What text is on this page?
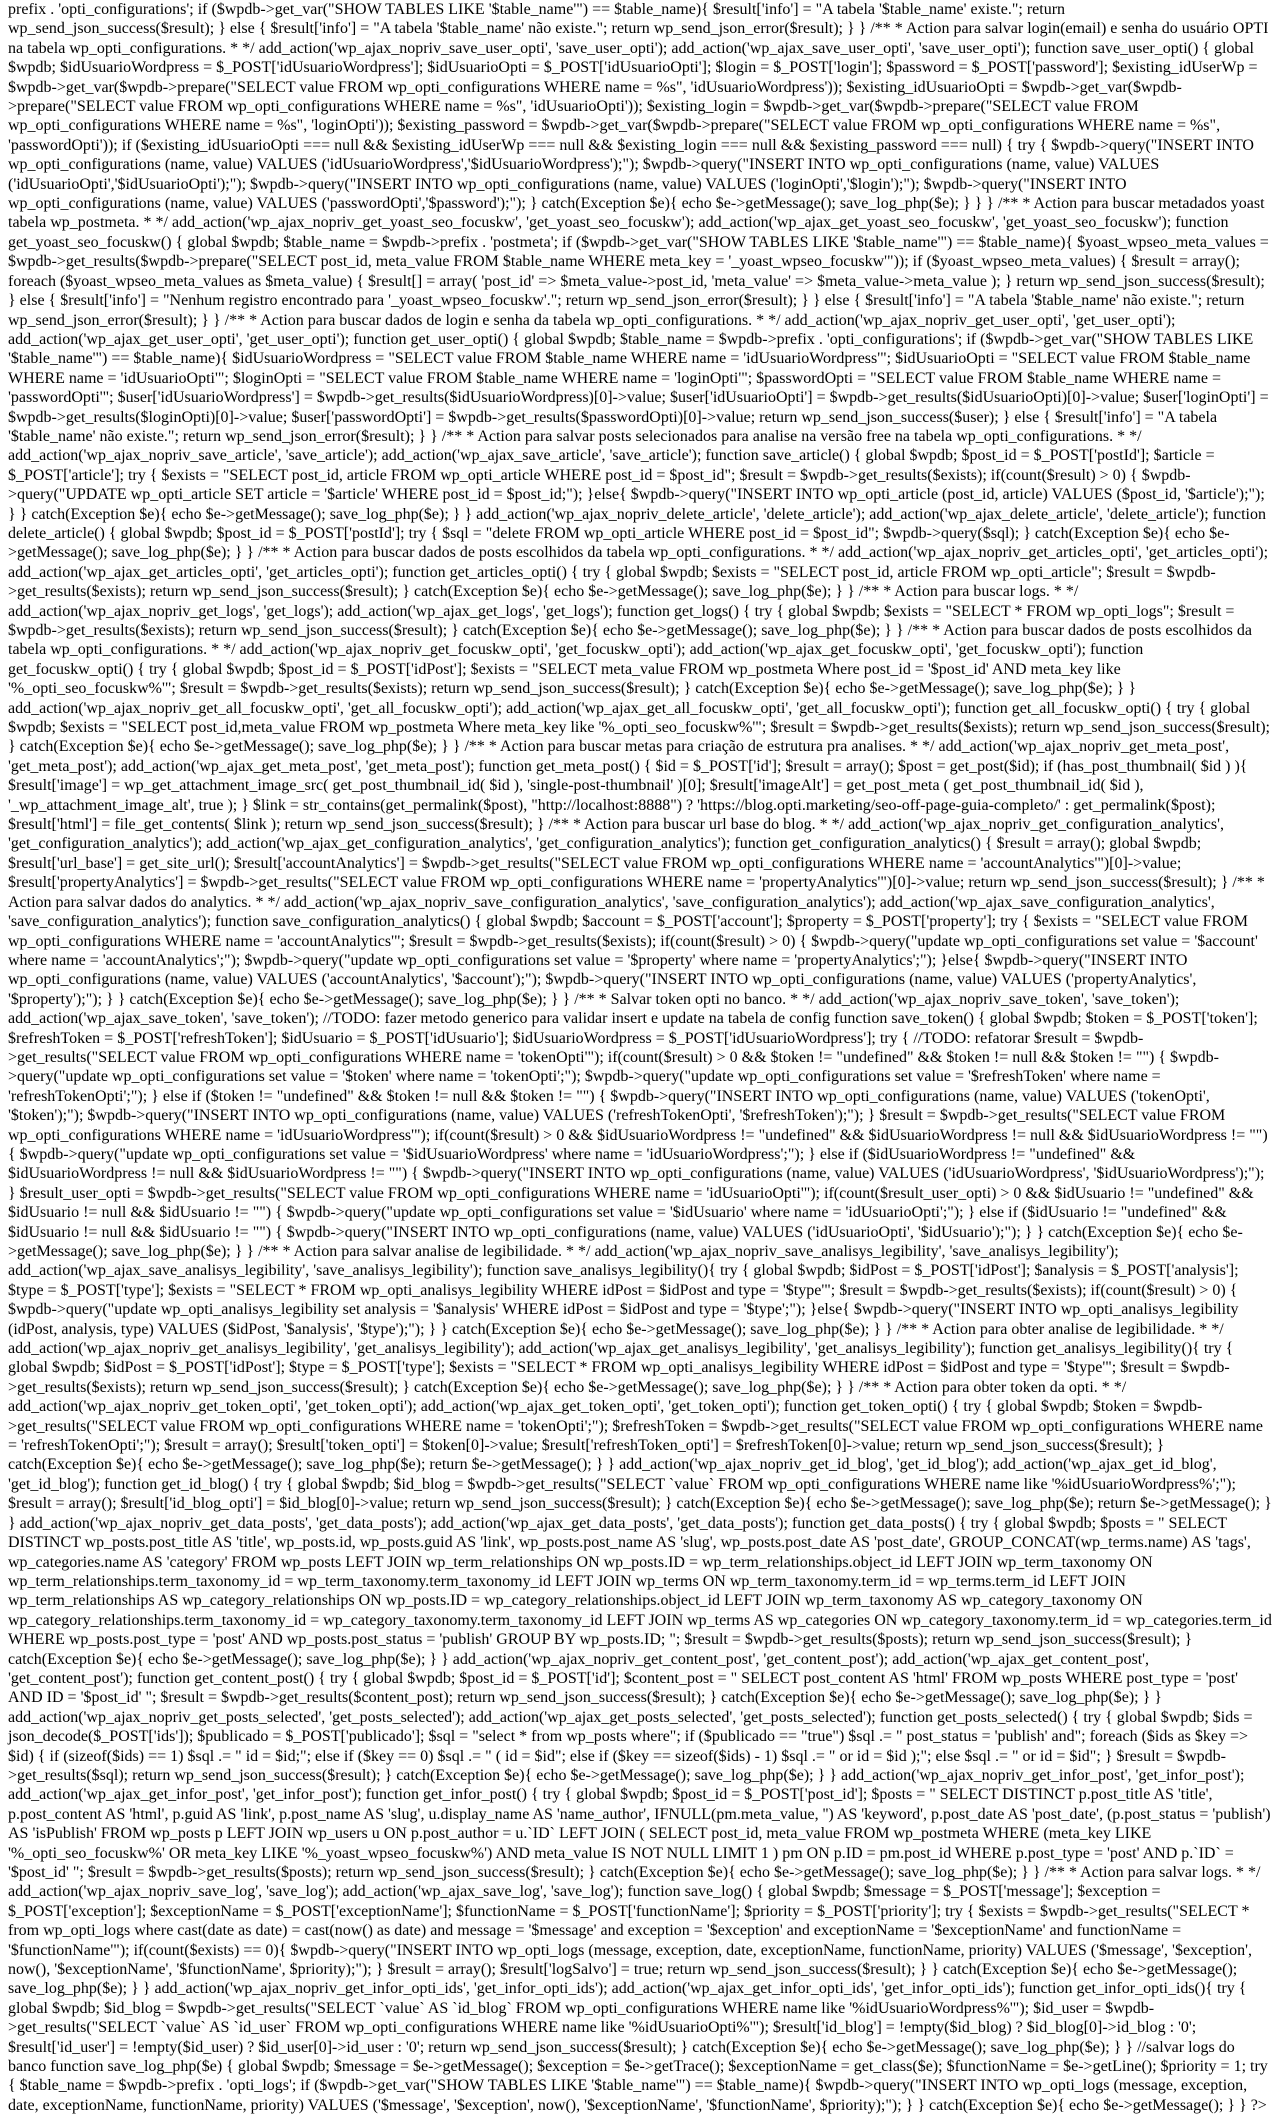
prefix . 'opti_configurations'; if ($wpdb->get_var("SHOW TABLES LIKE '$table_name'") == $table_name){ $result['info'] = "A tabela '$table_name' existe."; return wp_send_json_success($result); } else { $result['info'] = "A tabela '$table_name' não existe."; return wp_send_json_error($result); } } /** * Action para salvar login(email) e senha do usuário OPTI na tabela wp_opti_configurations. * */ add_action('wp_ajax_nopriv_save_user_opti', 'save_user_opti'); add_action('wp_ajax_save_user_opti', 'save_user_opti'); function save_user_opti() { global $wpdb; $idUsuarioWordpress = $_POST['idUsuarioWordpress']; $idUsuarioOpti = $_POST['idUsuarioOpti']; $login = $_POST['login']; $password = $_POST['password']; $existing_idUserWp = $wpdb->get_var($wpdb->prepare("SELECT value FROM wp_opti_configurations WHERE name = %s", 'idUsuarioWordpress')); $existing_idUsuarioOpti = $wpdb->get_var($wpdb->prepare("SELECT value FROM wp_opti_configurations WHERE name = %s", 'idUsuarioOpti')); $existing_login = $wpdb->get_var($wpdb->prepare("SELECT value FROM wp_opti_configurations WHERE name = %s", 'loginOpti')); $existing_password = $wpdb->get_var($wpdb->prepare("SELECT value FROM wp_opti_configurations WHERE name = %s", 'passwordOpti')); if ($existing_idUsuarioOpti === null && $existing_idUserWp === null && $existing_login === null && $existing_password === null) { try { $wpdb->query("INSERT INTO wp_opti_configurations (name, value) VALUES ('idUsuarioWordpress','$idUsuarioWordpress');"); $wpdb->query("INSERT INTO wp_opti_configurations (name, value) VALUES ('idUsuarioOpti','$idUsuarioOpti');"); $wpdb->query("INSERT INTO wp_opti_configurations (name, value) VALUES ('loginOpti','$login');"); $wpdb->query("INSERT INTO wp_opti_configurations (name, value) VALUES ('passwordOpti','$password');"); } catch(Exception $e){ echo $e->getMessage(); save_log_php($e); } } } /** * Action para buscar metadados yoast tabela wp_postmeta. * */ add_action('wp_ajax_nopriv_get_yoast_seo_focuskw', 'get_yoast_seo_focuskw'); add_action('wp_ajax_get_yoast_seo_focuskw', 'get_yoast_seo_focuskw'); function get_yoast_seo_focuskw() { global $wpdb; $table_name = $wpdb->prefix . 'postmeta'; if ($wpdb->get_var("SHOW TABLES LIKE '$table_name'") == $table_name){ $yoast_wpseo_meta_values = $wpdb->get_results($wpdb->prepare("SELECT post_id, meta_value FROM $table_name WHERE meta_key = '_yoast_wpseo_focuskw'")); if ($yoast_wpseo_meta_values) { $result = array(); foreach ($yoast_wpseo_meta_values as $meta_value) { $result[] = array( 'post_id' => $meta_value->post_id, 'meta_value' => $meta_value->meta_value ); } return wp_send_json_success($result); } else { $result['info'] = "Nenhum registro encontrado para '_yoast_wpseo_focuskw'."; return wp_send_json_error($result); } } else { $result['info'] = "A tabela '$table_name' não existe."; return wp_send_json_error($result); } } /** * Action para buscar dados de login e senha da tabela wp_opti_configurations. * */ add_action('wp_ajax_nopriv_get_user_opti', 'get_user_opti'); add_action('wp_ajax_get_user_opti', 'get_user_opti'); function get_user_opti() { global $wpdb; $table_name = $wpdb->prefix . 'opti_configurations'; if ($wpdb->get_var("SHOW TABLES LIKE '$table_name'") == $table_name){ $idUsuarioWordpress = "SELECT value FROM $table_name WHERE name = 'idUsuarioWordpress'"; $idUsuarioOpti = "SELECT value FROM $table_name WHERE name = 'idUsuarioOpti'"; $loginOpti = "SELECT value FROM $table_name WHERE name = 'loginOpti'"; $passwordOpti = "SELECT value FROM $table_name WHERE name = 'passwordOpti'"; $user['idUsuarioWordpress'] = $wpdb->get_results($idUsuarioWordpress)[0]->value; $user['idUsuarioOpti'] = $wpdb->get_results($idUsuarioOpti)[0]->value; $user['loginOpti'] = $wpdb->get_results($loginOpti)[0]->value; $user['passwordOpti'] = $wpdb->get_results($passwordOpti)[0]->value; return wp_send_json_success($user); } else { $result['info'] = "A tabela '$table_name' não existe."; return wp_send_json_error($result); } } /** * Action para salvar posts selecionados para analise na versão free na tabela wp_opti_configurations. * */ add_action('wp_ajax_nopriv_save_article', 'save_article'); add_action('wp_ajax_save_article', 'save_article'); function save_article() { global $wpdb; $post_id = $_POST['postId']; $article = $_POST['article']; try { $exists = "SELECT post_id, article FROM wp_opti_article WHERE post_id = $post_id"; $result = $wpdb->get_results($exists); if(count($result) > 0) { $wpdb->query("UPDATE wp_opti_article SET article = '$article' WHERE post_id = $post_id;"); }else{ $wpdb->query("INSERT INTO wp_opti_article (post_id, article) VALUES ($post_id, '$article');"); } } catch(Exception $e){ echo $e->getMessage(); save_log_php($e); } } add_action('wp_ajax_nopriv_delete_article', 'delete_article'); add_action('wp_ajax_delete_article', 'delete_article'); function delete_article() { global $wpdb; $post_id = $_POST['postId']; try { $sql = "delete FROM wp_opti_article WHERE post_id = $post_id"; $wpdb->query($sql); } catch(Exception $e){ echo $e->getMessage(); save_log_php($e); } } /** * Action para buscar dados de posts escolhidos da tabela wp_opti_configurations. * */ add_action('wp_ajax_nopriv_get_articles_opti', 'get_articles_opti'); add_action('wp_ajax_get_articles_opti', 'get_articles_opti'); function get_articles_opti() { try { global $wpdb; $exists = "SELECT post_id, article FROM wp_opti_article"; $result = $wpdb->get_results($exists); return wp_send_json_success($result); } catch(Exception $e){ echo $e->getMessage(); save_log_php($e); } } /** * Action para buscar logs. * */ add_action('wp_ajax_nopriv_get_logs', 'get_logs'); add_action('wp_ajax_get_logs', 'get_logs'); function get_logs() { try { global $wpdb; $exists = "SELECT * FROM wp_opti_logs"; $result = $wpdb->get_results($exists); return wp_send_json_success($result); } catch(Exception $e){ echo $e->getMessage(); save_log_php($e); } } /** * Action para buscar dados de posts escolhidos da tabela wp_opti_configurations. * */ add_action('wp_ajax_nopriv_get_focuskw_opti', 'get_focuskw_opti'); add_action('wp_ajax_get_focuskw_opti', 'get_focuskw_opti'); function get_focuskw_opti() { try { global $wpdb; $post_id = $_POST['idPost']; $exists = "SELECT meta_value FROM wp_postmeta Where post_id = '$post_id' AND meta_key like '%_opti_seo_focuskw%'"; $result = $wpdb->get_results($exists); return wp_send_json_success($result); } catch(Exception $e){ echo $e->getMessage(); save_log_php($e); } } add_action('wp_ajax_nopriv_get_all_focuskw_opti', 'get_all_focuskw_opti'); add_action('wp_ajax_get_all_focuskw_opti', 'get_all_focuskw_opti'); function get_all_focuskw_opti() { try { global $wpdb; $exists = "SELECT post_id,meta_value FROM wp_postmeta Where meta_key like '%_opti_seo_focuskw%'"; $result = $wpdb->get_results($exists); return wp_send_json_success($result); } catch(Exception $e){ echo $e->getMessage(); save_log_php($e); } } /** * Action para buscar metas para criação de estrutura pra analises. * */ add_action('wp_ajax_nopriv_get_meta_post', 'get_meta_post'); add_action('wp_ajax_get_meta_post', 'get_meta_post'); function get_meta_post() { $id = $_POST['id']; $result = array(); $post = get_post($id); if (has_post_thumbnail( $id ) ){ $result['image'] = wp_get_attachment_image_src( get_post_thumbnail_id( $id ), 'single-post-thumbnail' )[0]; $result['imageAlt'] = get_post_meta ( get_post_thumbnail_id( $id ), '_wp_attachment_image_alt', true ); } $link = str_contains(get_permalink($post), "http://localhost:8888") ? 'https://blog.opti.marketing/seo-off-page-guia-completo/' : get_permalink($post); $result['html'] = file_get_contents( $link ); return wp_send_json_success($result); } /** * Action para buscar url base do blog. * */ add_action('wp_ajax_nopriv_get_configuration_analytics', 'get_configuration_analytics'); add_action('wp_ajax_get_configuration_analytics', 'get_configuration_analytics'); function get_configuration_analytics() { $result = array(); global $wpdb; $result['url_base'] = get_site_url(); $result['accountAnalytics'] = $wpdb->get_results("SELECT value FROM wp_opti_configurations WHERE name = 'accountAnalytics'")[0]->value; $result['propertyAnalytics'] = $wpdb->get_results("SELECT value FROM wp_opti_configurations WHERE name = 'propertyAnalytics'")[0]->value; return wp_send_json_success($result); } /** * Action para salvar dados do analytics. * */ add_action('wp_ajax_nopriv_save_configuration_analytics', 'save_configuration_analytics'); add_action('wp_ajax_save_configuration_analytics', 'save_configuration_analytics'); function save_configuration_analytics() { global $wpdb; $account = $_POST['account']; $property = $_POST['property']; try { $exists = "SELECT value FROM wp_opti_configurations WHERE name = 'accountAnalytics'"; $result = $wpdb->get_results($exists); if(count($result) > 0) { $wpdb->query("update wp_opti_configurations set value = '$account' where name = 'accountAnalytics';"); $wpdb->query("update wp_opti_configurations set value = '$property' where name = 'propertyAnalytics';"); }else{ $wpdb->query("INSERT INTO wp_opti_configurations (name, value) VALUES ('accountAnalytics', '$account');"); $wpdb->query("INSERT INTO wp_opti_configurations (name, value) VALUES ('propertyAnalytics', '$property');"); } } catch(Exception $e){ echo $e->getMessage(); save_log_php($e); } } /** * Salvar token opti no banco. * */ add_action('wp_ajax_nopriv_save_token', 'save_token'); add_action('wp_ajax_save_token', 'save_token'); //TODO: fazer metodo generico para validar insert e update na tabela de config function save_token() { global $wpdb; $token = $_POST['token']; $refreshToken = $_POST['refreshToken']; $idUsuario = $_POST['idUsuario']; $idUsuarioWordpress = $_POST['idUsuarioWordpress']; try { //TODO: refatorar $result = $wpdb->get_results("SELECT value FROM wp_opti_configurations WHERE name = 'tokenOpti'"); if(count($result) > 0 && $token != "undefined" && $token != null && $token != "") { $wpdb->query("update wp_opti_configurations set value = '$token' where name = 'tokenOpti';"); $wpdb->query("update wp_opti_configurations set value = '$refreshToken' where name = 'refreshTokenOpti';"); } else if ($token != "undefined" && $token != null && $token != "") { $wpdb->query("INSERT INTO wp_opti_configurations (name, value) VALUES ('tokenOpti', '$token');"); $wpdb->query("INSERT INTO wp_opti_configurations (name, value) VALUES ('refreshTokenOpti', '$refreshToken');"); } $result = $wpdb->get_results("SELECT value FROM wp_opti_configurations WHERE name = 'idUsuarioWordpress'"); if(count($result) > 0 && $idUsuarioWordpress != "undefined" && $idUsuarioWordpress != null && $idUsuarioWordpress != "") { $wpdb->query("update wp_opti_configurations set value = '$idUsuarioWordpress' where name = 'idUsuarioWordpress';"); } else if ($idUsuarioWordpress != "undefined" && $idUsuarioWordpress != null && $idUsuarioWordpress != "") { $wpdb->query("INSERT INTO wp_opti_configurations (name, value) VALUES ('idUsuarioWordpress', '$idUsuarioWordpress');"); } $result_user_opti = $wpdb->get_results("SELECT value FROM wp_opti_configurations WHERE name = 'idUsuarioOpti'"); if(count($result_user_opti) > 0 && $idUsuario != "undefined" && $idUsuario != null && $idUsuario != "") { $wpdb->query("update wp_opti_configurations set value = '$idUsuario' where name = 'idUsuarioOpti';"); } else if ($idUsuario != "undefined" && $idUsuario != null && $idUsuario != "") { $wpdb->query("INSERT INTO wp_opti_configurations (name, value) VALUES ('idUsuarioOpti', '$idUsuario');"); } } catch(Exception $e){ echo $e->getMessage(); save_log_php($e); } } /** * Action para salvar analise de legibilidade. * */ add_action('wp_ajax_nopriv_save_analisys_legibility', 'save_analisys_legibility'); add_action('wp_ajax_save_analisys_legibility', 'save_analisys_legibility'); function save_analisys_legibility(){ try { global $wpdb; $idPost = $_POST['idPost']; $analysis = $_POST['analysis']; $type = $_POST['type']; $exists = "SELECT * FROM wp_opti_analisys_legibility WHERE idPost = $idPost and type = '$type'"; $result = $wpdb->get_results($exists); if(count($result) > 0) { $wpdb->query("update wp_opti_analisys_legibility set analysis = '$analysis' WHERE idPost = $idPost and type = '$type';"); }else{ $wpdb->query("INSERT INTO wp_opti_analisys_legibility (idPost, analysis, type) VALUES ($idPost, '$analysis', '$type');"); } } catch(Exception $e){ echo $e->getMessage(); save_log_php($e); } } /** * Action para obter analise de legibilidade. * */ add_action('wp_ajax_nopriv_get_analisys_legibility', 'get_analisys_legibility'); add_action('wp_ajax_get_analisys_legibility', 'get_analisys_legibility'); function get_analisys_legibility(){ try { global $wpdb; $idPost = $_POST['idPost']; $type = $_POST['type']; $exists = "SELECT * FROM wp_opti_analisys_legibility WHERE idPost = $idPost and type = '$type'"; $result = $wpdb->get_results($exists); return wp_send_json_success($result); } catch(Exception $e){ echo $e->getMessage(); save_log_php($e); } } /** * Action para obter token da opti. * */ add_action('wp_ajax_nopriv_get_token_opti', 'get_token_opti'); add_action('wp_ajax_get_token_opti', 'get_token_opti'); function get_token_opti() { try { global $wpdb; $token = $wpdb->get_results("SELECT value FROM wp_opti_configurations WHERE name = 'tokenOpti';"); $refreshToken = $wpdb->get_results("SELECT value FROM wp_opti_configurations WHERE name = 'refreshTokenOpti';"); $result = array(); $result['token_opti'] = $token[0]->value; $result['refreshToken_opti'] = $refreshToken[0]->value; return wp_send_json_success($result); } catch(Exception $e){ echo $e->getMessage(); save_log_php($e); return $e->getMessage(); } } add_action('wp_ajax_nopriv_get_id_blog', 'get_id_blog'); add_action('wp_ajax_get_id_blog', 'get_id_blog'); function get_id_blog() { try { global $wpdb; $id_blog = $wpdb->get_results("SELECT `value` FROM wp_opti_configurations WHERE name like '%idUsuarioWordpress%';"); $result = array(); $result['id_blog_opti'] = $id_blog[0]->value; return wp_send_json_success($result); } catch(Exception $e){ echo $e->getMessage(); save_log_php($e); return $e->getMessage(); } } add_action('wp_ajax_nopriv_get_data_posts', 'get_data_posts'); add_action('wp_ajax_get_data_posts', 'get_data_posts'); function get_data_posts() { try { global $wpdb; $posts = " SELECT DISTINCT wp_posts.post_title AS 'title', wp_posts.id, wp_posts.guid AS 'link', wp_posts.post_name AS 'slug', wp_posts.post_date AS 'post_date', GROUP_CONCAT(wp_terms.name) AS 'tags', wp_categories.name AS 'category' FROM wp_posts LEFT JOIN wp_term_relationships ON wp_posts.ID = wp_term_relationships.object_id LEFT JOIN wp_term_taxonomy ON wp_term_relationships.term_taxonomy_id = wp_term_taxonomy.term_taxonomy_id LEFT JOIN wp_terms ON wp_term_taxonomy.term_id = wp_terms.term_id LEFT JOIN wp_term_relationships AS wp_category_relationships ON wp_posts.ID = wp_category_relationships.object_id LEFT JOIN wp_term_taxonomy AS wp_category_taxonomy ON wp_category_relationships.term_taxonomy_id = wp_category_taxonomy.term_taxonomy_id LEFT JOIN wp_terms AS wp_categories ON wp_category_taxonomy.term_id = wp_categories.term_id WHERE wp_posts.post_type = 'post' AND wp_posts.post_status = 'publish' GROUP BY wp_posts.ID; "; $result = $wpdb->get_results($posts); return wp_send_json_success($result); } catch(Exception $e){ echo $e->getMessage(); save_log_php($e); } } add_action('wp_ajax_nopriv_get_content_post', 'get_content_post'); add_action('wp_ajax_get_content_post', 'get_content_post'); function get_content_post() { try { global $wpdb; $post_id = $_POST['id']; $content_post = " SELECT post_content AS 'html' FROM wp_posts WHERE post_type = 'post' AND ID = '$post_id' "; $result = $wpdb->get_results($content_post); return wp_send_json_success($result); } catch(Exception $e){ echo $e->getMessage(); save_log_php($e); } } add_action('wp_ajax_nopriv_get_posts_selected', 'get_posts_selected'); add_action('wp_ajax_get_posts_selected', 'get_posts_selected'); function get_posts_selected() { try { global $wpdb; $ids = json_decode($_POST['ids']); $publicado = $_POST['publicado']; $sql = "select * from wp_posts where"; if ($publicado == "true") $sql .= " post_status = 'publish' and"; foreach ($ids as $key => $id) { if (sizeof($ids) == 1) $sql .= " id = $id;"; else if ($key == 0) $sql .= " ( id = $id"; else if ($key == sizeof($ids) - 1) $sql .= " or id = $id );"; else $sql .= " or id = $id"; } $result = $wpdb->get_results($sql); return wp_send_json_success($result); } catch(Exception $e){ echo $e->getMessage(); save_log_php($e); } } add_action('wp_ajax_nopriv_get_infor_post', 'get_infor_post'); add_action('wp_ajax_get_infor_post', 'get_infor_post'); function get_infor_post() { try { global $wpdb; $post_id = $_POST['post_id']; $posts = " SELECT DISTINCT p.post_title AS 'title', p.post_content AS 'html', p.guid AS 'link', p.post_name AS 'slug', u.display_name AS 'name_author', IFNULL(pm.meta_value, '') AS 'keyword', p.post_date AS 'post_date', (p.post_status = 'publish') AS 'isPublish' FROM wp_posts p LEFT JOIN wp_users u ON p.post_author = u.`ID` LEFT JOIN ( SELECT post_id, meta_value FROM wp_postmeta WHERE (meta_key LIKE '%_opti_seo_focuskw%' OR meta_key LIKE '%_yoast_wpseo_focuskw%') AND meta_value IS NOT NULL LIMIT 1 ) pm ON p.ID = pm.post_id WHERE p.post_type = 'post' AND p.`ID` = '$post_id' "; $result = $wpdb->get_results($posts); return wp_send_json_success($result); } catch(Exception $e){ echo $e->getMessage(); save_log_php($e); } } /** * Action para salvar logs. * */ add_action('wp_ajax_nopriv_save_log', 'save_log'); add_action('wp_ajax_save_log', 'save_log'); function save_log() { global $wpdb; $message = $_POST['message']; $exception = $_POST['exception']; $exceptionName = $_POST['exceptionName']; $functionName = $_POST['functionName']; $priority = $_POST['priority']; try { $exists = $wpdb->get_results("SELECT * from wp_opti_logs where cast(date as date) = cast(now() as date) and message = '$message' and exception = '$exception' and exceptionName = '$exceptionName' and functionName = '$functionName'"); if(count($exists) == 0){ $wpdb->query("INSERT INTO wp_opti_logs (message, exception, date, exceptionName, functionName, priority) VALUES ('$message', '$exception', now(), '$exceptionName', '$functionName', $priority);"); } $result = array(); $result['logSalvo'] = true; return wp_send_json_success($result); } } catch(Exception $e){ echo $e->getMessage(); save_log_php($e); } } add_action('wp_ajax_nopriv_get_infor_opti_ids', 'get_infor_opti_ids'); add_action('wp_ajax_get_infor_opti_ids', 'get_infor_opti_ids'); function get_infor_opti_ids(){ try { global $wpdb; $id_blog = $wpdb->get_results("SELECT `value` AS `id_blog` FROM wp_opti_configurations WHERE name like '%idUsuarioWordpress%'"); $id_user = $wpdb->get_results("SELECT `value` AS `id_user` FROM wp_opti_configurations WHERE name like '%idUsuarioOpti%'"); $result['id_blog'] = !empty($id_blog) ? $id_blog[0]->id_blog : '0'; $result['id_user'] = !empty($id_user) ? $id_user[0]->id_user : '0'; return wp_send_json_success($result); } catch(Exception $e){ echo $e->getMessage(); save_log_php($e); } } //salvar logs do banco function save_log_php($e) { global $wpdb; $message = $e->getMessage(); $exception = $e->getTrace(); $exceptionName = get_class($e); $functionName = $e->getLine(); $priority = 1; try { $table_name = $wpdb->prefix . 'opti_logs'; if ($wpdb->get_var("SHOW TABLES LIKE '$table_name'") == $table_name){ $wpdb->query("INSERT INTO wp_opti_logs (message, exception, date, exceptionName, functionName, priority) VALUES ('$message', '$exception', now(), '$exceptionName', '$functionName', $priority);"); } } catch(Exception $e){ echo $e->getMessage(); } } ?>
